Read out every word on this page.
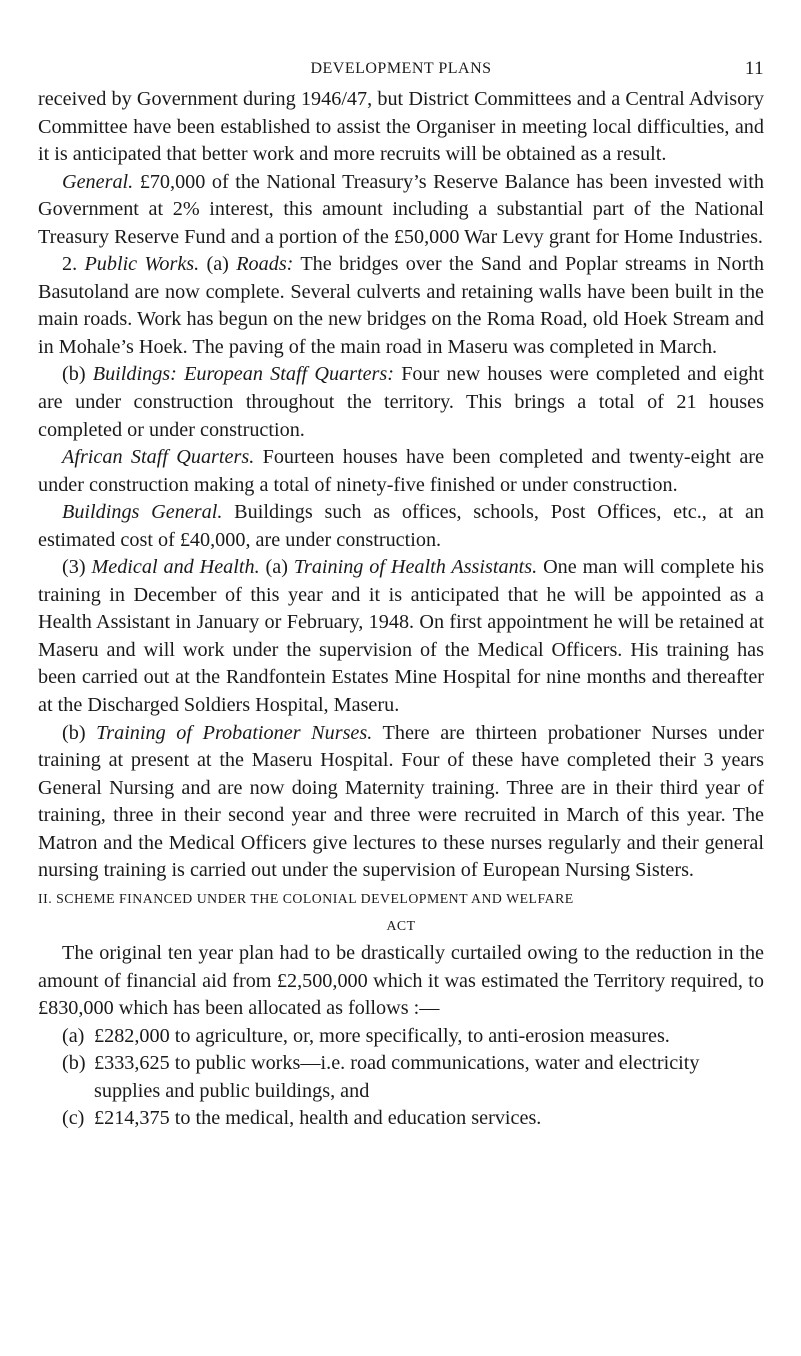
DEVELOPMENT PLANS	11

received by Government during 1946/47, but District Committees and a Central Advisory Committee have been established to assist the Organiser in meeting local difficulties, and it is anticipated that better work and more recruits will be obtained as a result.

General. £70,000 of the National Treasury’s Reserve Balance has been invested with Government at 2% interest, this amount including a substantial part of the National Treasury Reserve Fund and a portion of the £50,000 War Levy grant for Home Industries.

2. Public Works. (a) Roads: The bridges over the Sand and Poplar streams in North Basutoland are now complete. Several culverts and retaining walls have been built in the main roads. Work has begun on the new bridges on the Roma Road, old Hoek Stream and in Mohale’s Hoek. The paving of the main road in Maseru was completed in March.

(b) Buildings: European Staff Quarters: Four new houses were completed and eight are under construction throughout the territory. This brings a total of 21 houses completed or under construction.

African Staff Quarters. Fourteen houses have been completed and twenty-eight are under construction making a total of ninety-five finished or under construction.

Buildings General. Buildings such as offices, schools, Post Offices, etc., at an estimated cost of £40,000, are under construction.

(3) Medical and Health. (a) Training of Health Assistants. One man will complete his training in December of this year and it is anticipated that he will be appointed as a Health Assistant in January or February, 1948. On first appointment he will be retained at Maseru and will work under the supervision of the Medical Officers. His training has been carried out at the Randfontein Estates Mine Hospital for nine months and thereafter at the Discharged Soldiers Hospital, Maseru.

(b) Training of Probationer Nurses. There are thirteen probationer Nurses under training at present at the Maseru Hospital. Four of these have completed their 3 years General Nursing and are now doing Maternity training. Three are in their third year of training, three in their second year and three were recruited in March of this year. The Matron and the Medical Officers give lectures to these nurses regularly and their general nursing training is carried out under the supervision of European Nursing Sisters.

II. SCHEME FINANCED UNDER THE COLONIAL DEVELOPMENT AND WELFARE
ACT

The original ten year plan had to be drastically curtailed owing to the reduction in the amount of financial aid from £2,500,000 which it was estimated the Territory required, to £830,000 which has been allocated as follows :—

(a) £282,000 to agriculture, or, more specifically, to anti-erosion measures.
(b) £333,625 to public works—i.e. road communications, water and electricity supplies and public buildings, and
(c) £214,375 to the medical, health and education services.
